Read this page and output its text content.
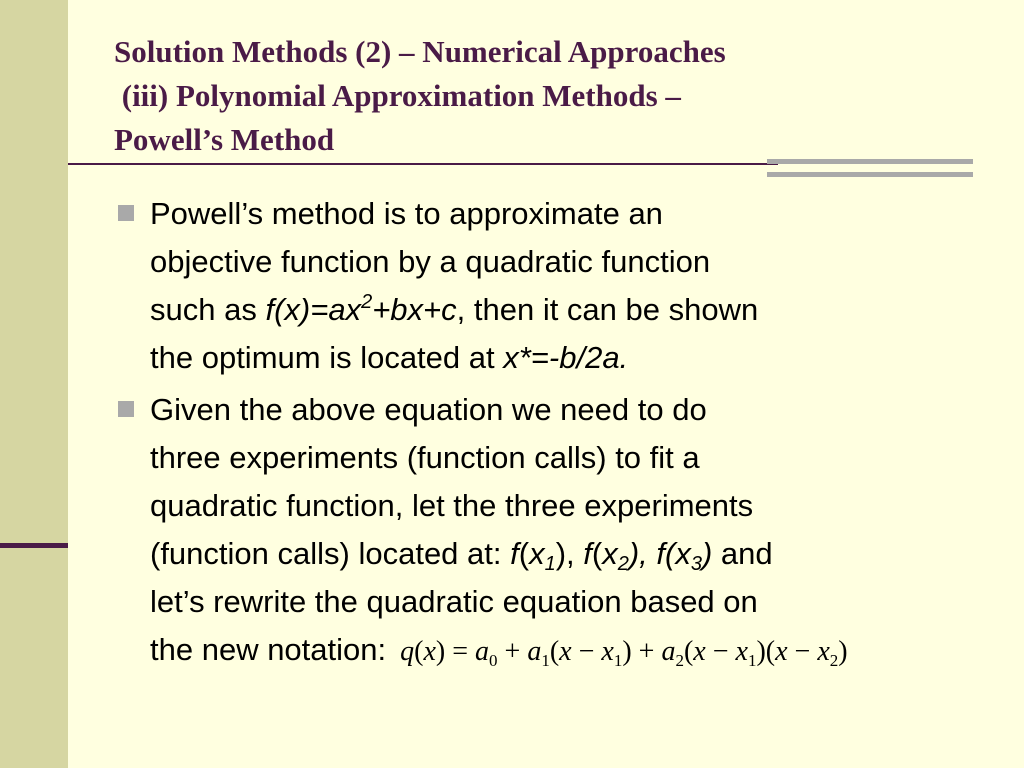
Solution Methods (2) – Numerical Approaches
(iii) Polynomial Approximation Methods –
Powell’s Method
Powell’s method is to approximate an
objective function by a quadratic function
such as $f(x)=ax^2+bx+c$, then it can be shown
the optimum is located at x*=-b/2a.
Given the above equation we need to do
three experiments (function calls) to fit a
quadratic function, let the three experiments
(function calls) located at: $f(x_1)$, $f(x_2)$, $f(x_3)$ and
let’s rewrite the quadratic equation based on
the new notation: $q(x) = a_0 + a_1(x - x_1) + a_2(x - x_1)(x - x_2)$
